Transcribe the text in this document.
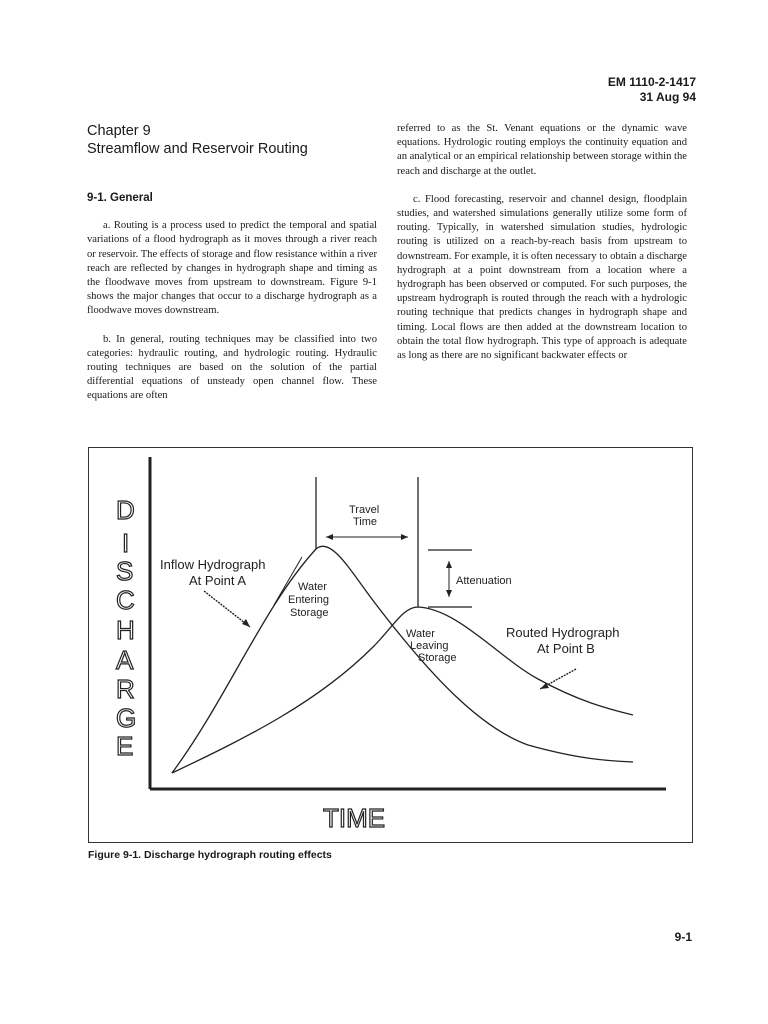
EM 1110-2-1417
31 Aug 94
Chapter 9
Streamflow and Reservoir Routing
9-1. General

a. Routing is a process used to predict the temporal and spatial variations of a flood hydrograph as it moves through a river reach or reservoir. The effects of storage and flow resistance within a river reach are reflected by changes in hydrograph shape and timing as the floodwave moves from upstream to downstream. Figure 9-1 shows the major changes that occur to a discharge hydrograph as a floodwave moves downstream.

b. In general, routing techniques may be classified into two categories: hydraulic routing, and hydrologic routing. Hydraulic routing techniques are based on the solution of the partial differential equations of unsteady open channel flow. These equations are often

referred to as the St. Venant equations or the dynamic wave equations. Hydrologic routing employs the continuity equation and an analytical or an empirical relationship between storage within the reach and discharge at the outlet.

c. Flood forecasting, reservoir and channel design, floodplain studies, and watershed simulations generally utilize some form of routing. Typically, in watershed simulation studies, hydrologic routing is utilized on a reach-by-reach basis from upstream to downstream. For example, it is often necessary to obtain a discharge hydrograph at a point downstream from a location where a hydrograph has been observed or computed. For such purposes, the upstream hydrograph is routed through the reach with a hydrologic routing technique that predicts changes in hydrograph shape and timing. Local flows are then added at the downstream location to obtain the total flow hydrograph. This type of approach is adequate as long as there are no significant backwater effects or

D
I
S
C
H
A
R
G
E
TIME
Travel
Time
Attenuation
Inflow Hydrograph
At Point A	Water
Entering
Storage
Water
Leaving
Storage
Routed Hydrograph
At Point B
Figure 9-1. Discharge hydrograph routing effects
9-1
